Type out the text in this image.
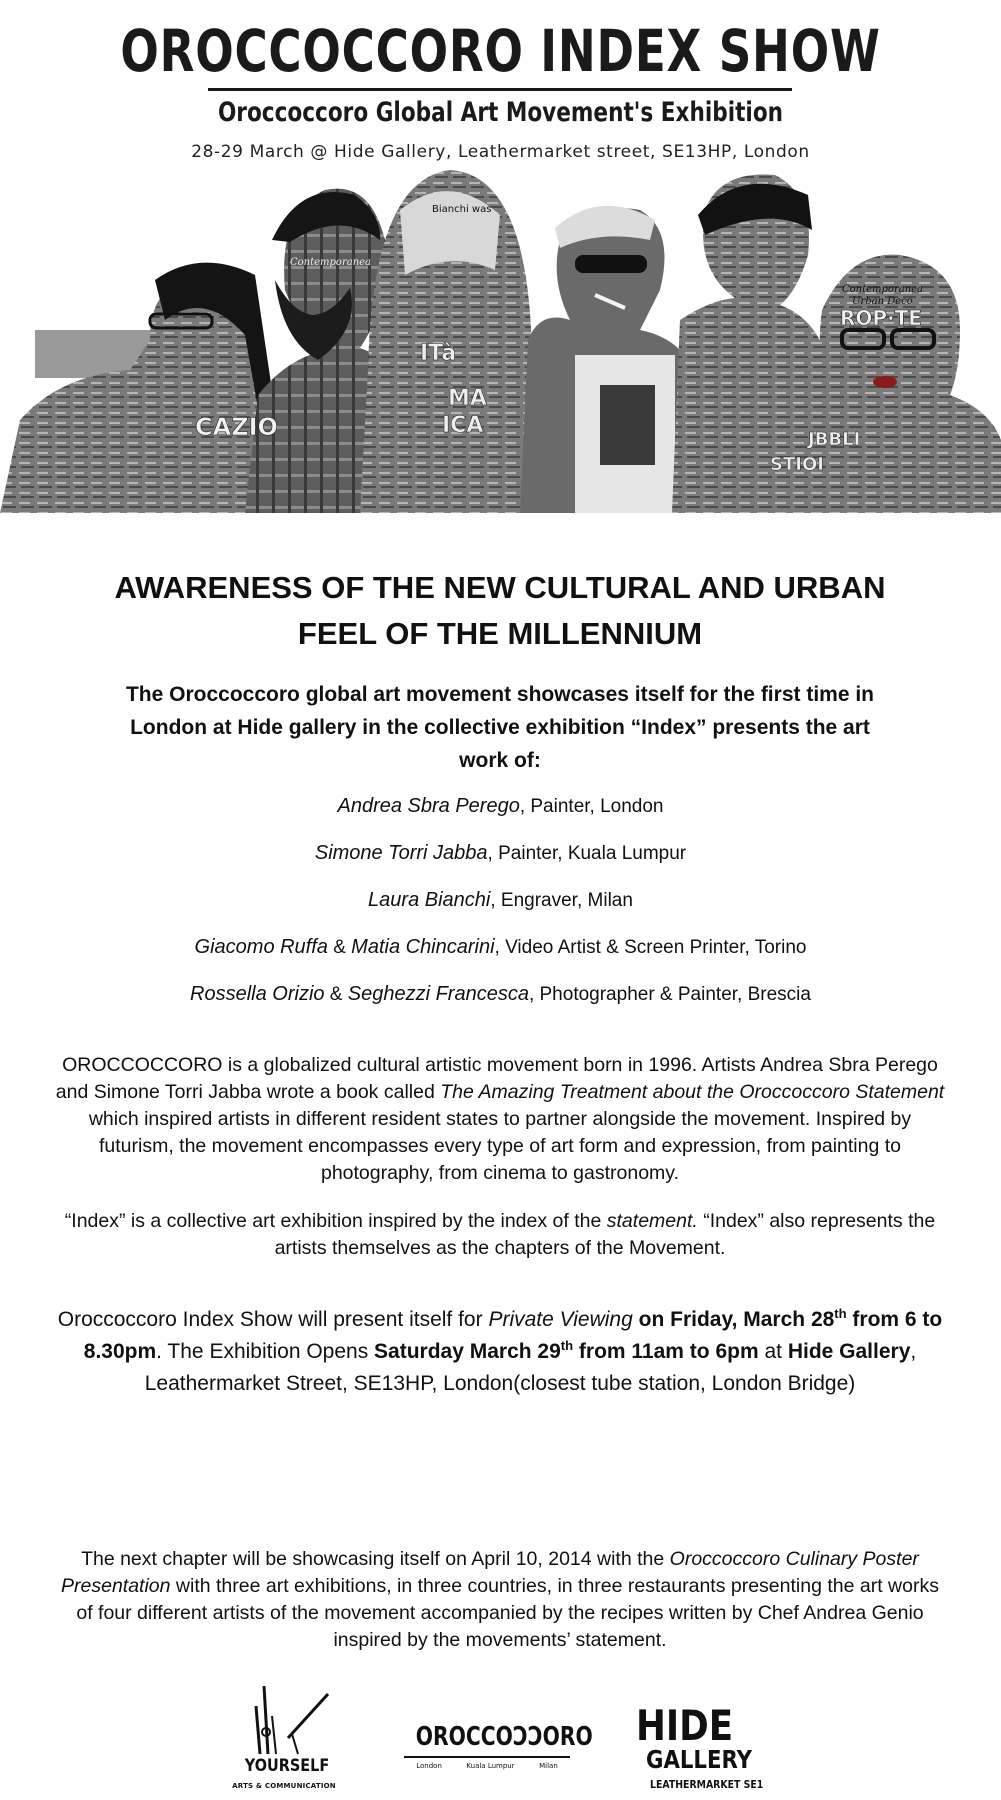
OROCCOCCORO INDEX SHOW
Oroccoccoro Global Art Movement's Exhibition
28-29 March @ Hide Gallery, Leathermarket street, SE13HP, London
Bianchi was
Contemporanea
Contemporanea
Urban Deco
ROP·TE
JBBLI
STIOI
CAZIO
ITà
MA
ICA
AWARENESS OF THE NEW CULTURAL AND URBAN
FEEL OF THE MILLENNIUM
The Oroccoccoro global art movement showcases itself for the first time in
London at Hide gallery in the collective exhibition “Index” presents the art
work of:
Andrea Sbra Perego, Painter, London
Simone Torri Jabba, Painter, Kuala Lumpur
Laura Bianchi, Engraver, Milan
Giacomo Ruffa & Matia Chincarini, Video Artist & Screen Printer, Torino
Rossella Orizio & Seghezzi Francesca, Photographer & Painter, Brescia
OROCCOCCORO is a globalized cultural artistic movement born in 1996. Artists Andrea Sbra Perego and Simone Torri Jabba wrote a book called The Amazing Treatment about the Oroccoccoro Statement which inspired artists in different resident states to partner alongside the movement. Inspired by futurism, the movement encompasses every type of art form and expression, from painting to photography, from cinema to gastronomy.
“Index” is a collective art exhibition inspired by the index of the statement. “Index” also represents the artists themselves as the chapters of the Movement.
Oroccoccoro Index Show will present itself for Private Viewing on Friday, March 28th from 6 to 8.30pm. The Exhibition Opens Saturday March 29th from 11am to 6pm at Hide Gallery, Leathermarket Street, SE13HP, London(closest tube station, London Bridge)
The next chapter will be showcasing itself on April 10, 2014 with the Oroccoccoro Culinary Poster Presentation with three art exhibitions, in three countries, in three restaurants presenting the art works of four different artists of the movement accompanied by the recipes written by Chef Andrea Genio inspired by the movements’ statement.
YOURSELF
ARTS & COMMUNICATION
OROCCOƆƆORO
London	Kuala Lumpur	Milan
HIDE
GALLERY
LEATHERMARKET SE1
